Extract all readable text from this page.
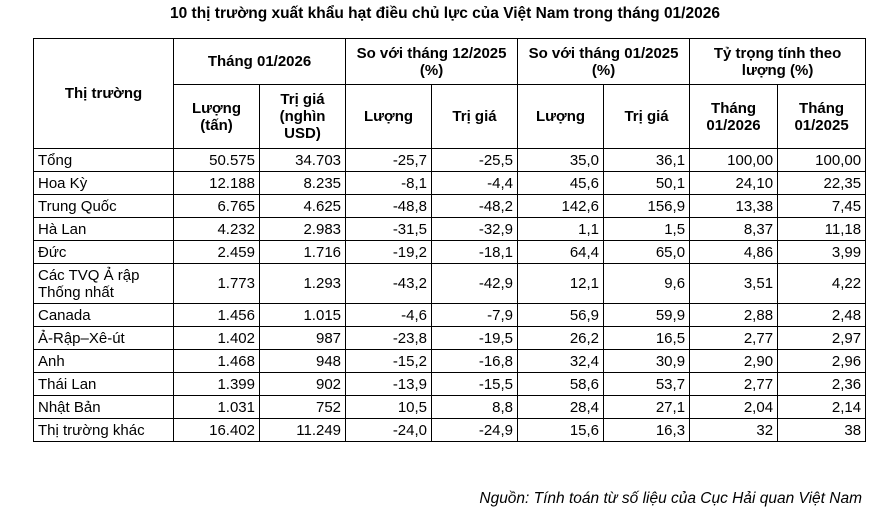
10 thị trường xuất khẩu hạt điều chủ lực của Việt Nam trong tháng 01/2026
Thị trường	Tháng 01/2026		So với tháng 12/2025 (%)		So với tháng 01/2025 (%)		Tỷ trọng tính theo lượng (%)	
	Lượng (tấn)	Trị giá (nghìn USD)	Lượng	Trị giá	Lượng	Trị giá	Tháng 01/2026	Tháng 01/2025
Tổng	50.575	34.703	-25,7	-25,5	35,0	36,1	100,00	100,00
Hoa Kỳ	12.188	8.235	-8,1	-4,4	45,6	50,1	24,10	22,35
Trung Quốc	6.765	4.625	-48,8	-48,2	142,6	156,9	13,38	7,45
Hà Lan	4.232	2.983	-31,5	-32,9	1,1	1,5	8,37	11,18
Đức	2.459	1.716	-19,2	-18,1	64,4	65,0	4,86	3,99
Các TVQ Ả rập Thống nhất	1.773	1.293	-43,2	-42,9	12,1	9,6	3,51	4,22
Canada	1.456	1.015	-4,6	-7,9	56,9	59,9	2,88	2,48
Ả-Rập–Xê-út	1.402	987	-23,8	-19,5	26,2	16,5	2,77	2,97
Anh	1.468	948	-15,2	-16,8	32,4	30,9	2,90	2,96
Thái Lan	1.399	902	-13,9	-15,5	58,6	53,7	2,77	2,36
Nhật Bản	1.031	752	10,5	8,8	28,4	27,1	2,04	2,14
Thị trường khác	16.402	11.249	-24,0	-24,9	15,6	16,3	32	38
Nguồn: Tính toán từ số liệu của Cục Hải quan Việt Nam
